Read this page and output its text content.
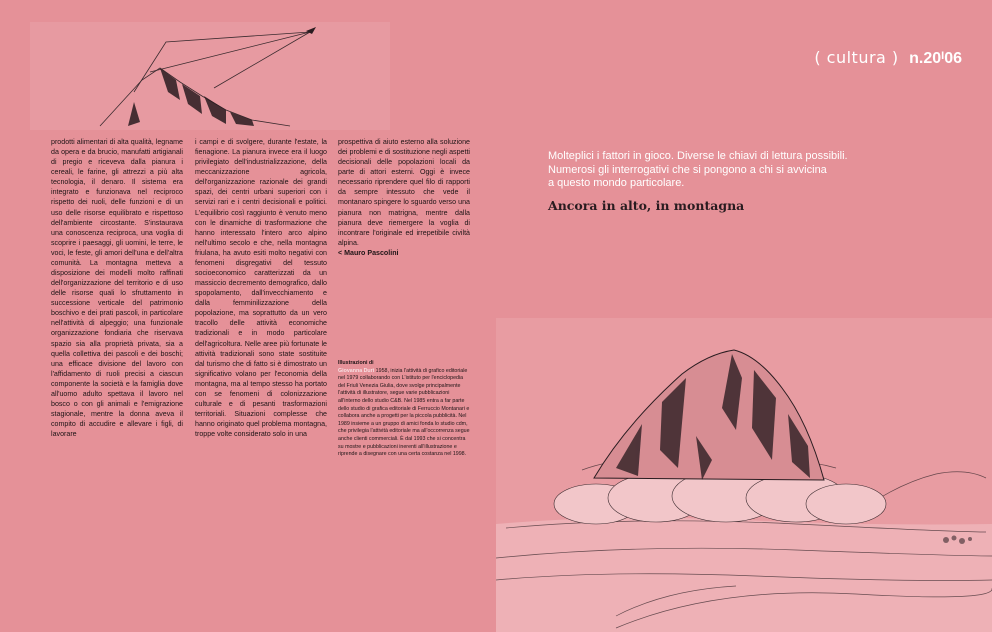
( cultura ) $n.20^I06$

prodotti alimentari di alta qualità, legname da opera e da brucio, manufatti artigianali di pregio e riceveva dalla pianura i cereali, le farine, gli attrezzi a più alta tecnologia, il denaro. Il sistema era integrato e funzionava nel reciproco rispetto dei ruoli, delle funzioni e di un uso delle risorse equilibrato e rispettoso dell'ambiente circostante. S'instaurava una conoscenza reciproca, una voglia di scoprire i paesaggi, gli uomini, le terre, le voci, le feste, gli amori dell'una e dell'altra comunità. La montagna metteva a disposizione dei modelli molto raffinati dell'organizzazione del territorio e di uso delle risorse quali lo sfruttamento in successione verticale del patrimonio boschivo e dei prati pascoli, in particolare nell'attività di alpeggio; una funzionale organizzazione fondiaria che riservava spazio sia alla proprietà privata, sia a quella collettiva dei pascoli e dei boschi; una efficace divisione del lavoro con l'affidamento di ruoli precisi a ciascun componente la società e la famiglia dove all'uomo adulto spettava il lavoro nel bosco o con gli animali e l'emigrazione stagionale, mentre la donna aveva il compito di accudire e allevare i figli, di lavorare

i campi e di svolgere, durante l'estate, la fienagione. La pianura invece era il luogo privilegiato dell'industrializzazione, della meccanizzazione agricola, dell'organizzazione razionale dei grandi spazi, dei centri urbani superiori con i servizi rari e i centri decisionali e politici. L'equilibrio così raggiunto è venuto meno con le dinamiche di trasformazione che hanno interessato l'intero arco alpino nell'ultimo secolo e che, nella montagna friulana, ha avuto esiti molto negativi con fenomeni disgregativi del tessuto socioeconomico caratterizzati da un massiccio decremento demografico, dallo spopolamento, dall'invecchiamento e dalla femminilizzazione della popolazione, ma soprattutto da un vero tracollo delle attività economiche tradizionali e in modo particolare dell'agricoltura. Nelle aree più fortunate le attività tradizionali sono state sostituite dal turismo che di fatto si è dimostrato un significativo volano per l'economia della montagna, ma al tempo stesso ha portato con se fenomeni di colonizzazione culturale e di pesanti trasformazioni territoriali. Situazioni complesse che hanno originato quel problema montagna, troppe volte considerato solo in una

prospettiva di aiuto esterno alla soluzione dei problemi e di sostituzione negli aspetti decisionali delle popolazioni locali da parte di attori esterni. Oggi è invece necessario riprendere quel filo di rapporti da sempre intessuto che vede il montanaro spingere lo sguardo verso una pianura non matrigna, mentre dalla pianura deve riemergere la voglia di incontrare l'originale ed irrepetibile civiltà alpina.

< Mauro Pascolini

Illustrazioni di
Giovanna Durì 1958, inizia l'attività di grafico editoriale nel 1979 collaborando con L'istituto per l'enciclopedia del Friuli Venezia Giulia, dove svolge principalmente l'attività di illustratore, segue varie pubblicazioni all'interno dello studio C&B. Nel 1985 entra a far parte dello studio di grafica editoriale di Ferruccio Montanari e collabora anche a progetti per la piccola pubblicità. Nel 1989 insieme a un gruppo di amici fonda lo studio cdm, che privilegia l'attività editoriale ma all'occorrenza segue anche clienti commerciali. È dal 1993 che si concentra su mostre e pubblicazioni inerenti all'illustrazione e riprende a disegnare con una certa costanza nel 1998.
Molteplici i fattori in gioco. Diverse le chiavi di lettura possibili.
Numerosi gli interrogativi che si pongono a chi si avvicina
a questo mondo particolare.
Ancora in alto, in montagna
